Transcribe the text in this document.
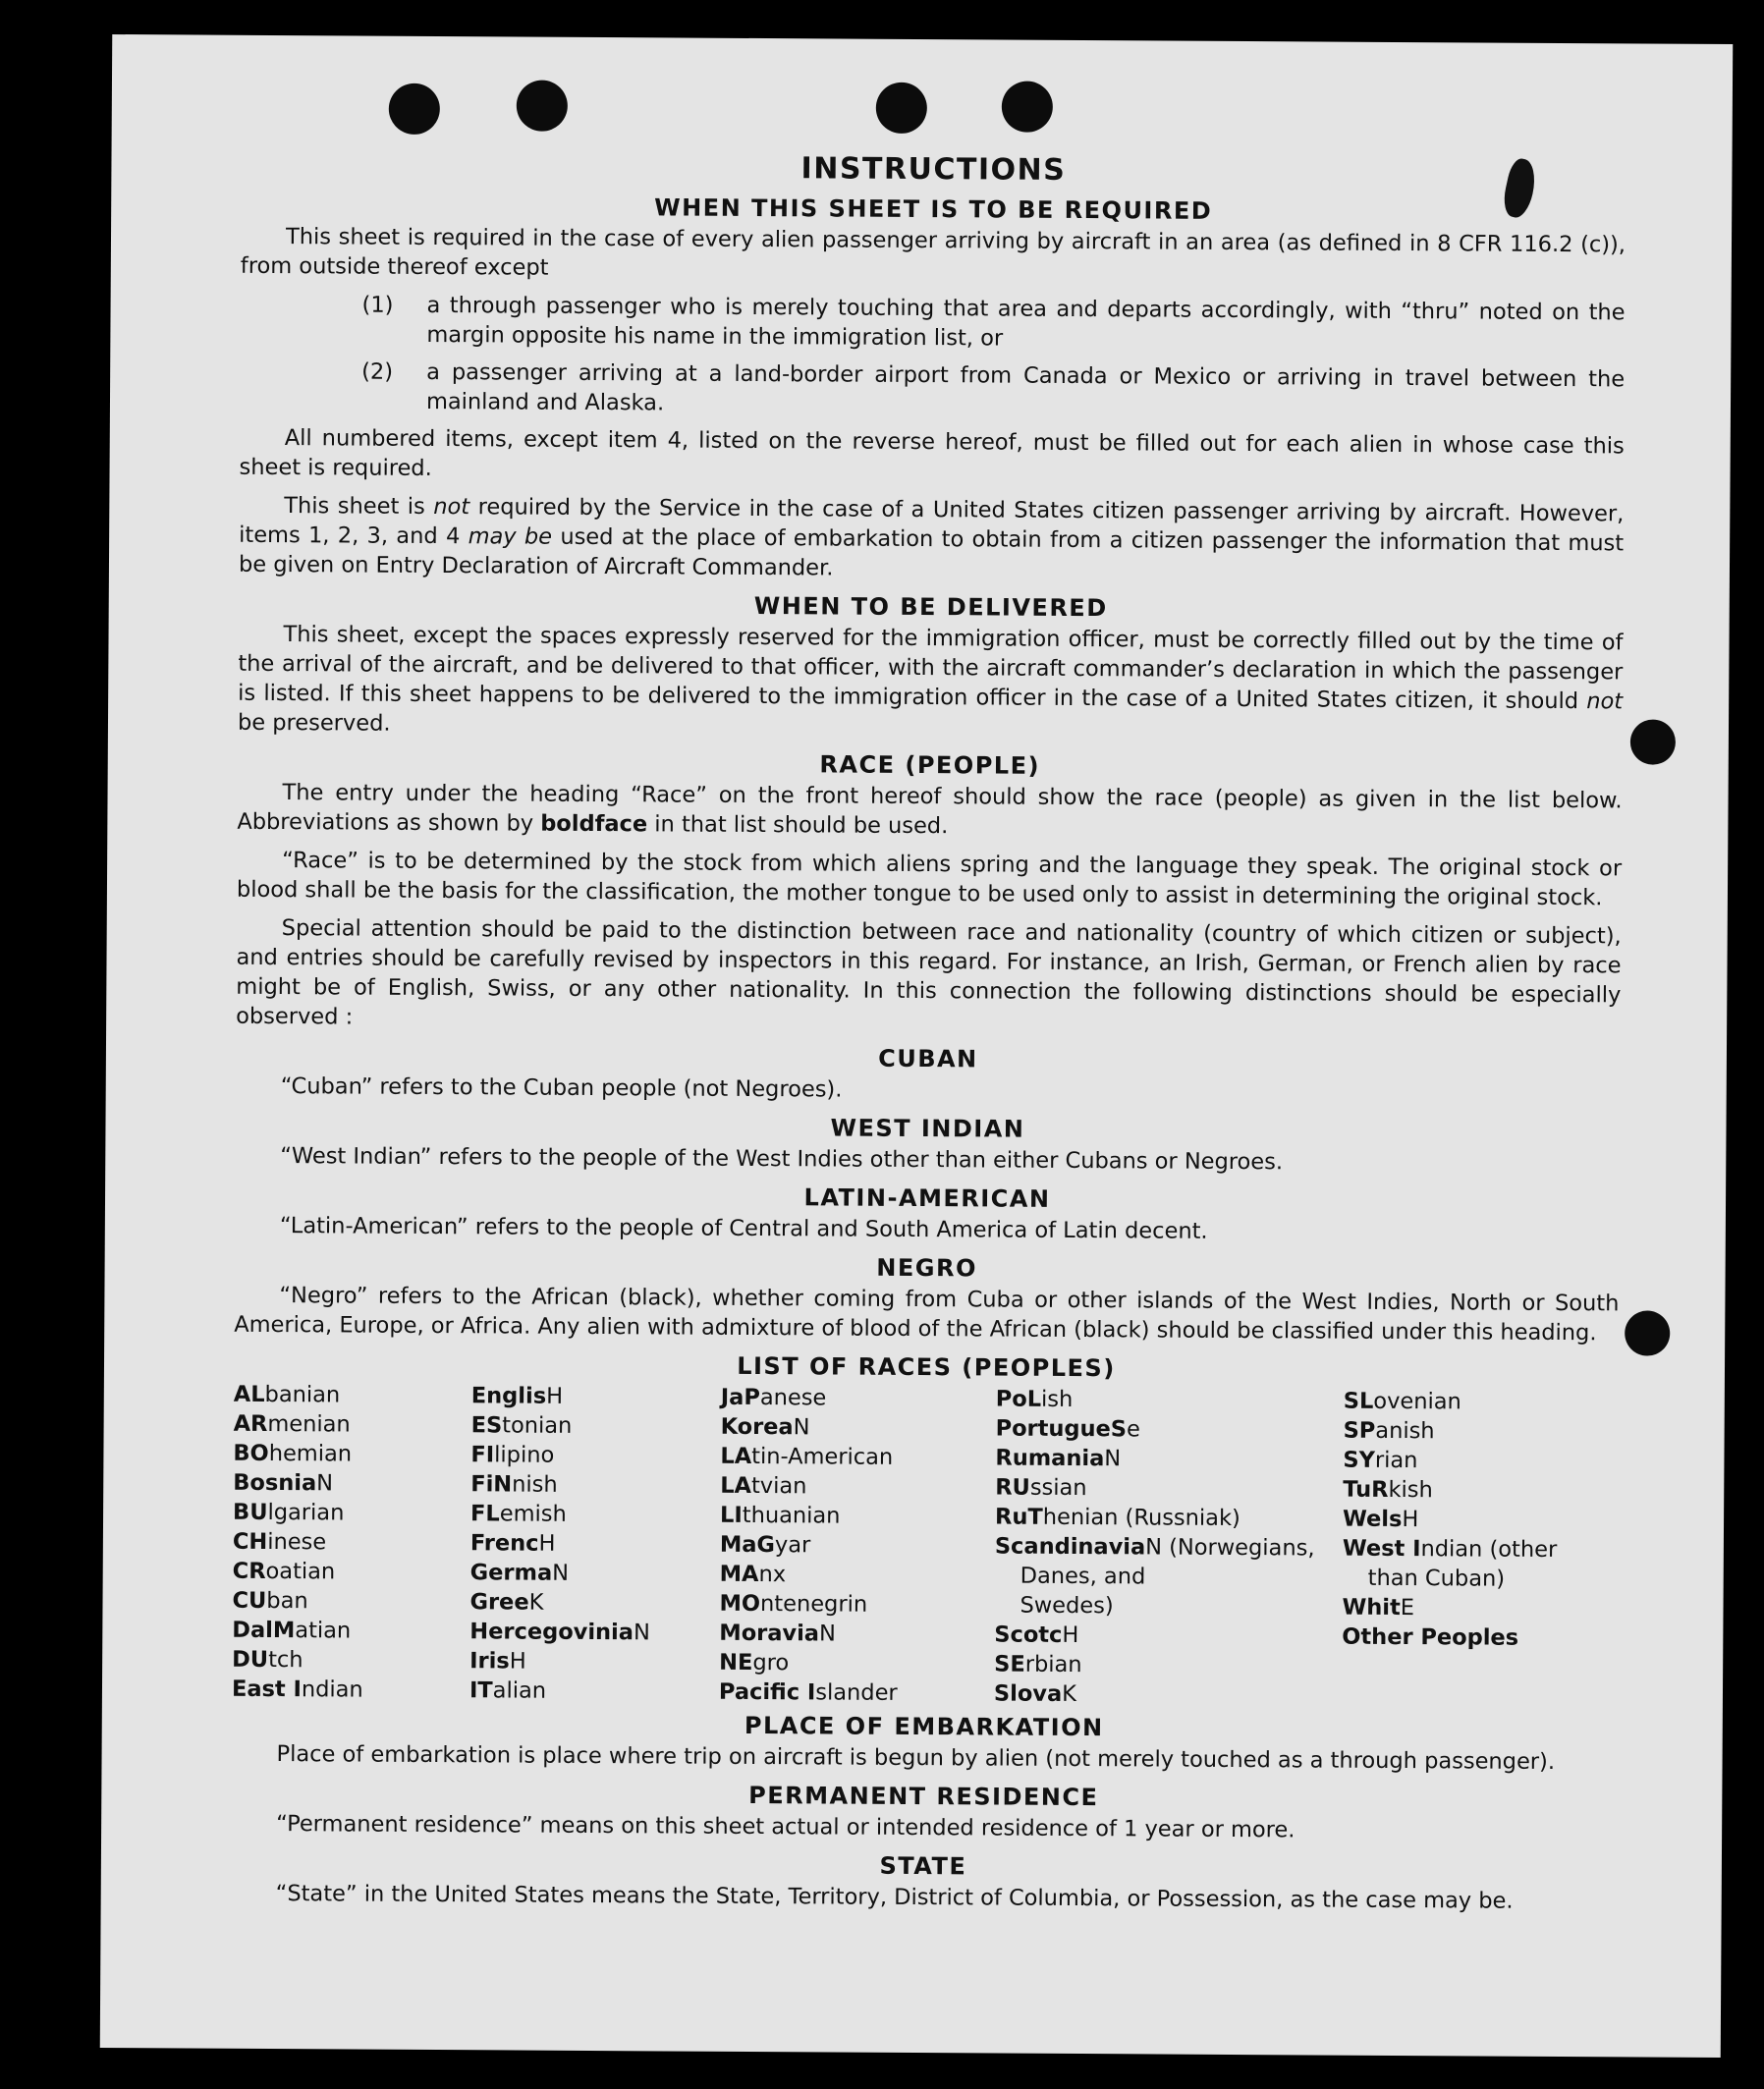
INSTRUCTIONS
WHEN THIS SHEET IS TO BE REQUIRED

This sheet is required in the case of every alien passenger arriving by aircraft in an area (as defined in 8 CFR 116.2 (c)), from outside thereof except

(1)	a through passenger who is merely touching that area and departs accordingly, with “thru” noted on the margin opposite his name in the immigration list, or
(2)	a passenger arriving at a land-border airport from Canada or Mexico or arriving in travel between the mainland and Alaska.

All numbered items, except item 4, listed on the reverse hereof, must be filled out for each alien in whose case this sheet is required.

This sheet is not required by the Service in the case of a United States citizen passenger arriving by aircraft. However, items 1, 2, 3, and 4 may be used at the place of embarkation to obtain from a citizen passenger the information that must be given on Entry Declaration of Aircraft Commander.

WHEN TO BE DELIVERED

This sheet, except the spaces expressly reserved for the immigration officer, must be correctly filled out by the time of the arrival of the aircraft, and be delivered to that officer, with the aircraft commander’s declaration in which the passenger is listed. If this sheet happens to be delivered to the immigration officer in the case of a United States citizen, it should not be preserved.

RACE (PEOPLE)

The entry under the heading “Race” on the front hereof should show the race (people) as given in the list below. Abbreviations as shown by boldface in that list should be used.

“Race” is to be determined by the stock from which aliens spring and the language they speak. The original stock or blood shall be the basis for the classification, the mother tongue to be used only to assist in determining the original stock.

Special attention should be paid to the distinction between race and nationality (country of which citizen or subject), and entries should be carefully revised by inspectors in this regard. For instance, an Irish, German, or French alien by race might be of English, Swiss, or any other nationality. In this connection the following distinctions should be especially observed :

CUBAN

“Cuban” refers to the Cuban people (not Negroes).

WEST INDIAN

“West Indian” refers to the people of the West Indies other than either Cubans or Negroes.

LATIN-AMERICAN

“Latin-American” refers to the people of Central and South America of Latin decent.

NEGRO

“Negro” refers to the African (black), whether coming from Cuba or other islands of the West Indies, North or South America, Europe, or Africa. Any alien with admixture of blood of the African (black) should be classified under this heading.

LIST OF RACES (PEOPLES)
ALbanian
ARmenian
BOhemian
BosniaN
BUlgarian
CHinese
CRoatian
CUban
DalMatian
DUtch
East Indian
EnglisH
EStonian
FIlipino
FiNnish
FLemish
FrencH
GermaN
GreeK
HercegoviniaN
IrisH
ITalian
JaPanese
KoreaN
LAtin-American
LAtvian
LIthuanian
MaGyar
MAnx
MOntenegrin
MoraviaN
NEgro
Pacific Islander
PoLish
PortugueSe
RumaniaN
RUssian
RuThenian (Russniak)
ScandinaviaN (Norwegians,
Danes, and
Swedes)
ScotcH
SErbian
SlovaK
SLovenian
SPanish
SYrian
TuRkish
WelsH
West Indian (other
than Cuban)
WhitE
Other Peoples
PLACE OF EMBARKATION

Place of embarkation is place where trip on aircraft is begun by alien (not merely touched as a through passenger).

PERMANENT RESIDENCE

“Permanent residence” means on this sheet actual or intended residence of 1 year or more.

STATE

“State” in the United States means the State, Territory, District of Columbia, or Possession, as the case may be.
